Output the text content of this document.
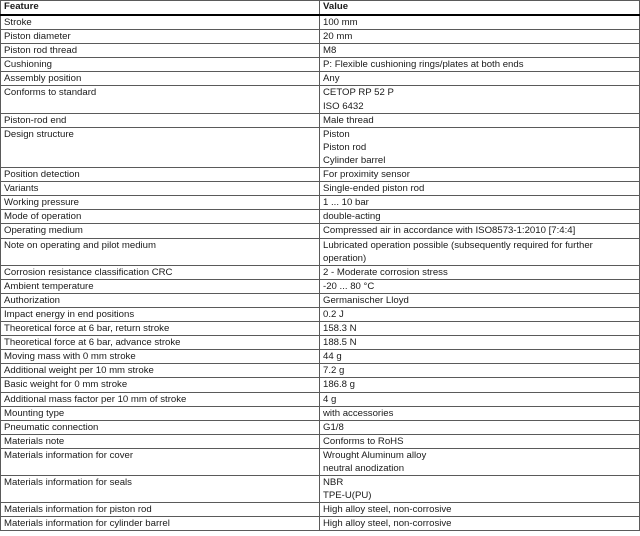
Feature	Value
Stroke	100 mm

Piston diameter	20 mm

Piston rod thread	M8

Cushioning	P: Flexible cushioning rings/plates at both ends

Assembly position	Any

Conforms to standard	CETOP RP 52 P
ISO 6432

Piston-rod end	Male thread

Design structure	Piston
Piston rod
Cylinder barrel

Position detection	For proximity sensor

Variants	Single-ended piston rod

Working pressure	1 ... 10 bar

Mode of operation	double-acting

Operating medium	Compressed air in accordance with ISO8573-1:2010 [7:4:4]

Note on operating and pilot medium	Lubricated operation possible (subsequently required for further
operation)

Corrosion resistance classification CRC	2 - Moderate corrosion stress

Ambient temperature	-20 ... 80 °C

Authorization	Germanischer Lloyd

Impact energy in end positions	0.2 J

Theoretical force at 6 bar, return stroke	158.3 N

Theoretical force at 6 bar, advance stroke	188.5 N

Moving mass with 0 mm stroke	44 g

Additional weight per 10 mm stroke	7.2 g

Basic weight for 0 mm stroke	186.8 g

Additional mass factor per 10 mm of stroke	4 g

Mounting type	with accessories

Pneumatic connection	G1/8

Materials note	Conforms to RoHS

Materials information for cover	Wrought Aluminum alloy
neutral anodization

Materials information for seals	NBR
TPE-U(PU)

Materials information for piston rod	High alloy steel, non-corrosive

Materials information for cylinder barrel	High alloy steel, non-corrosive
